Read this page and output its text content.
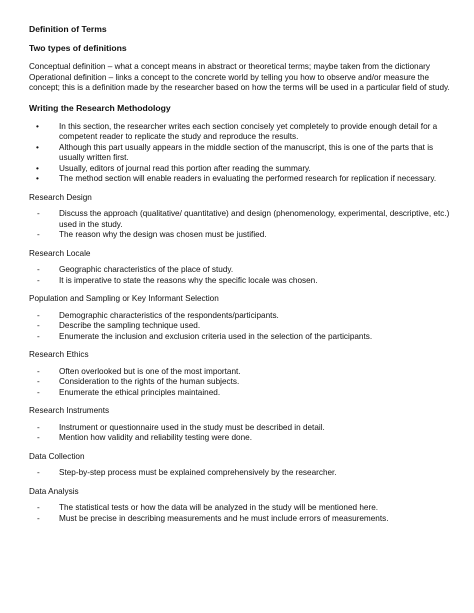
Definition of Terms
Two types of definitions
Conceptual definition – what a concept means in abstract or theoretical terms; maybe taken from the dictionary
Operational definition – links a concept to the concrete world by telling you how to observe and/or measure the concept; this is a definition made by the researcher based on how the terms will be used in a particular field of study.
Writing the Research Methodology
• In this section, the researcher writes each section concisely yet completely to provide enough detail for a competent reader to replicate the study and reproduce the results.
• Although this part usually appears in the middle section of the manuscript, this is one of the parts that is usually written first.
• Usually, editors of journal read this portion after reading the summary.
• The method section will enable readers in evaluating the performed research for replication if necessary.
Research Design
- Discuss the approach (qualitative/ quantitative) and design (phenomenology, experimental, descriptive, etc.) used in the study.
- The reason why the design was chosen must be justified.
Research Locale
- Geographic characteristics of the place of study.
- It is imperative to state the reasons why the specific locale was chosen.
Population and Sampling or Key Informant Selection
- Demographic characteristics of the respondents/participants.
- Describe the sampling technique used.
- Enumerate the inclusion and exclusion criteria used in the selection of the participants.
Research Ethics
- Often overlooked but is one of the most important.
- Consideration to the rights of the human subjects.
- Enumerate the ethical principles maintained.
Research Instruments
- Instrument or questionnaire used in the study must be described in detail.
- Mention how validity and reliability testing were done.
Data Collection
- Step-by-step process must be explained comprehensively by the researcher.
Data Analysis
- The statistical tests or how the data will be analyzed in the study will be mentioned here.
- Must be precise in describing measurements and he must include errors of measurements.
